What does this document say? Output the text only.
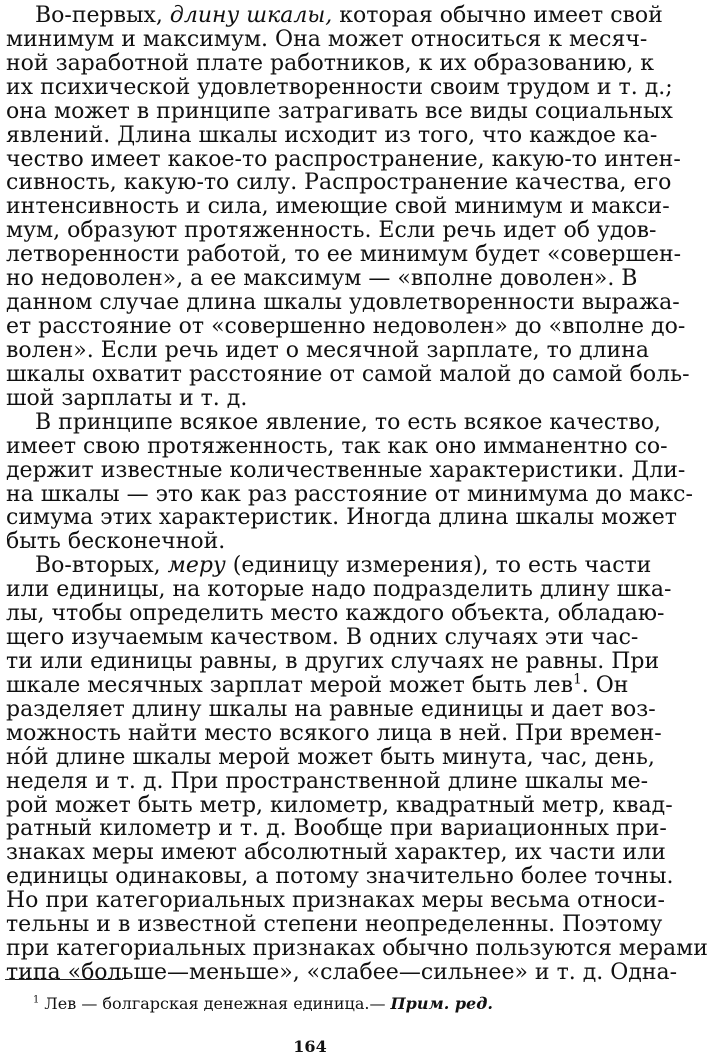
Во-первых, длину шкалы, которая обычно имеет свой
минимум и максимум. Она может относиться к месяч-
ной заработной плате работников, к их образованию, к
их психической удовлетворенности своим трудом и т. д.;
она может в принципе затрагивать все виды социальных
явлений. Длина шкалы исходит из того, что каждое ка-
чество имеет какое-то распространение, какую-то интен-
сивность, какую-то силу. Распространение качества, его
интенсивность и сила, имеющие свой минимум и макси-
мум, образуют протяженность. Если речь идет об удов-
летворенности работой, то ее минимум будет «совершен-
но недоволен», а ее максимум — «вполне доволен». В
данном случае длина шкалы удовлетворенности выража-
ет расстояние от «совершенно недоволен» до «вполне до-
волен». Если речь идет о месячной зарплате, то длина
шкалы охватит расстояние от самой малой до самой боль-
шой зарплаты и т. д.
В принципе всякое явление, то есть всякое качество,
имеет свою протяженность, так как оно имманентно со-
держит известные количественные характеристики. Дли-
на шкалы — это как раз расстояние от минимума до макс-
симума этих характеристик. Иногда длина шкалы может
быть бесконечной.
Во-вторых, меру (единицу измерения), то есть части
или единицы, на которые надо подразделить длину шка-
лы, чтобы определить место каждого объекта, обладаю-
щего изучаемым качеством. В одних случаях эти час-
ти или единицы равны, в других случаях не равны. При
шкале месячных зарплат мерой может быть лев$^1$. Он
разделяет длину шкалы на равные единицы и дает воз-
можность найти место всякого лица в ней. При времен-
нóй длине шкалы мерой может быть минута, час, день,
неделя и т. д. При пространственной длине шкалы ме-
рой может быть метр, километр, квадратный метр, квад-
ратный километр и т. д. Вообще при вариационных при-
знаках меры имеют абсолютный характер, их части или
единицы одинаковы, а потому значительно более точны.
Но при категориальных признаках меры весьма относи-
тельны и в известной степени неопределенны. Поэтому
при категориальных признаках обычно пользуются мерами
типа «больше—меньше», «слабее—сильнее» и т. д. Одна-
$^1$ Лев — болгарская денежная единица.— Прим. ред.
164
